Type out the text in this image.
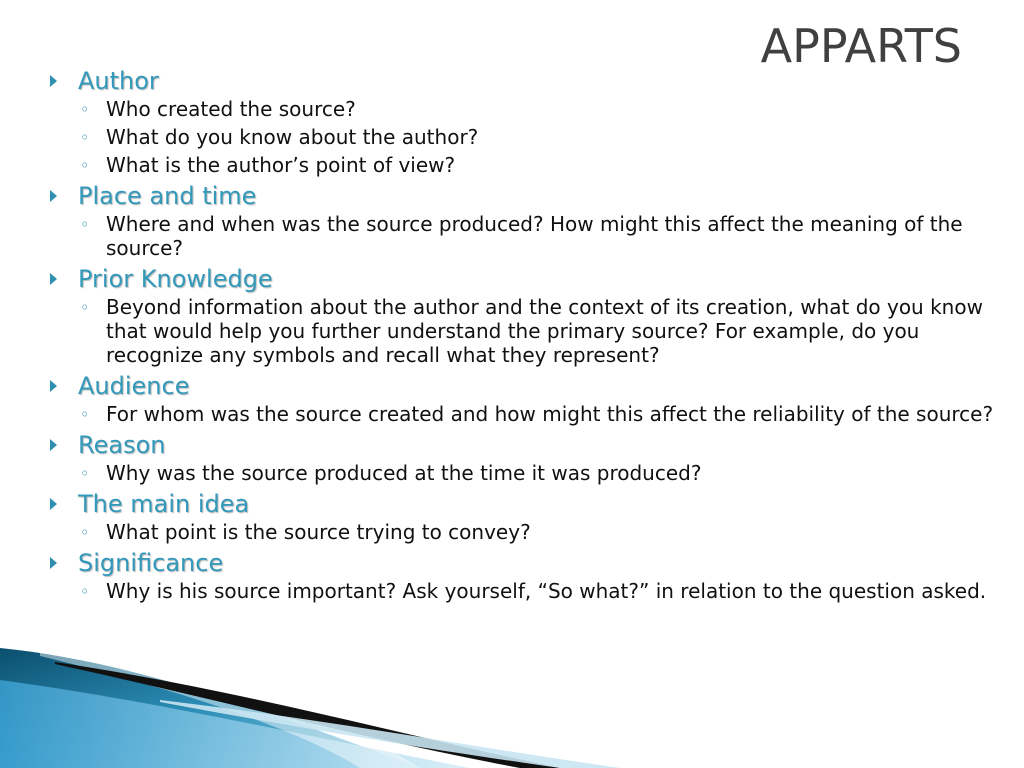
APPARTS
Author
◦ Who created the source?
◦ What do you know about the author?
◦ What is the author’s point of view?
Place and time
◦ Where and when was the source produced? How might this affect the meaning of the source?
Prior Knowledge
◦ Beyond information about the author and the context of its creation, what do you know that would help you further understand the primary source? For example, do you recognize any symbols and recall what they represent?
Audience
◦ For whom was the source created and how might this affect the reliability of the source?
Reason
◦ Why was the source produced at the time it was produced?
The main idea
◦ What point is the source trying to convey?
Significance
◦ Why is his source important? Ask yourself, “So what?” in relation to the question asked.
